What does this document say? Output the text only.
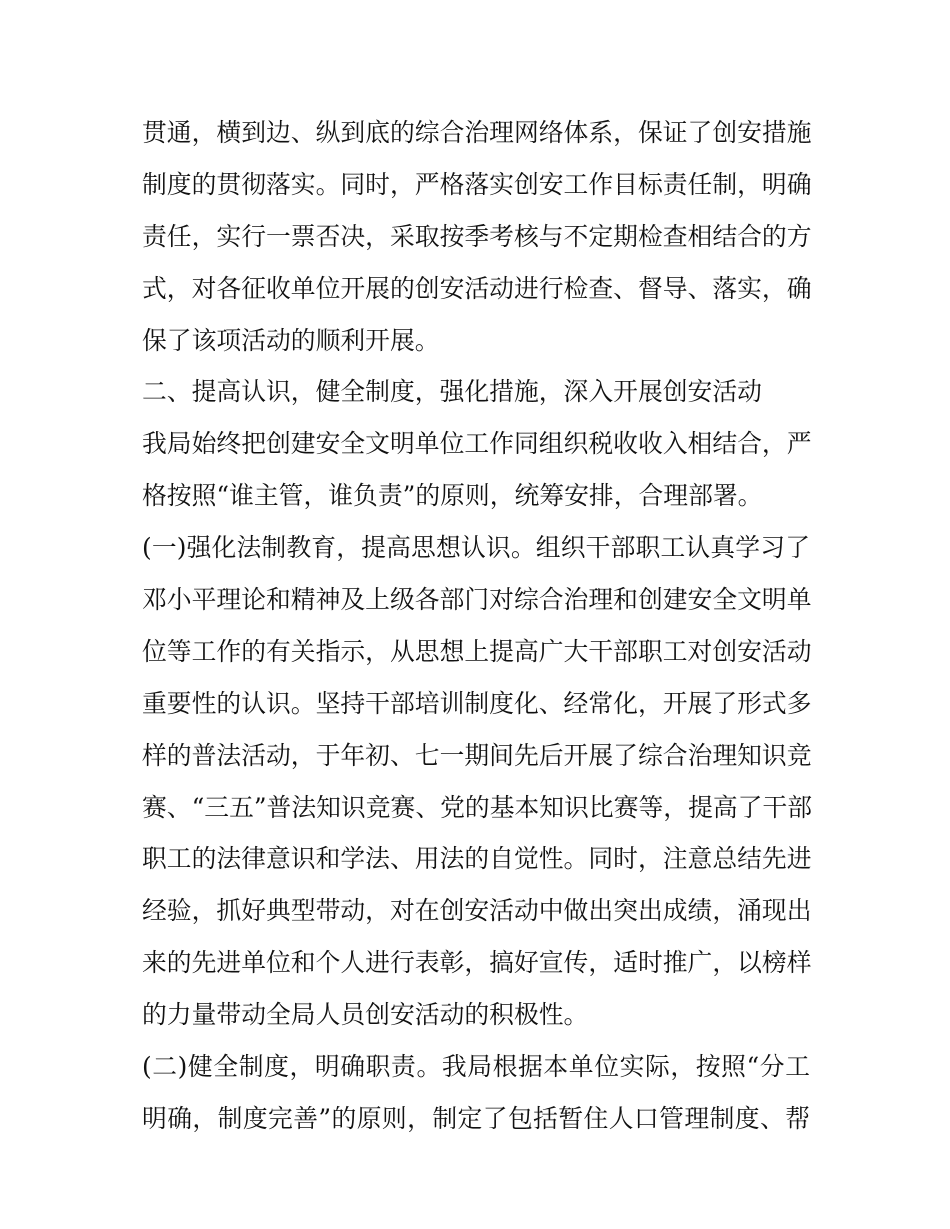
贯通，横到边、纵到底的综合治理网络体系，保证了创安措施
制度的贯彻落实。同时，严格落实创安工作目标责任制，明确
责任，实行一票否决，采取按季考核与不定期检查相结合的方
式，对各征收单位开展的创安活动进行检查、督导、落实，确
保了该项活动的顺利开展。
二、提高认识，健全制度，强化措施，深入开展创安活动
我局始终把创建安全文明单位工作同组织税收收入相结合，严
格按照“谁主管，谁负责”的原则，统筹安排，合理部署。
(一)强化法制教育，提高思想认识。组织干部职工认真学习了
邓小平理论和精神及上级各部门对综合治理和创建安全文明单
位等工作的有关指示，从思想上提高广大干部职工对创安活动
重要性的认识。坚持干部培训制度化、经常化，开展了形式多
样的普法活动，于年初、七一期间先后开展了综合治理知识竞
赛、“三五”普法知识竞赛、党的基本知识比赛等，提高了干部
职工的法律意识和学法、用法的自觉性。同时，注意总结先进
经验，抓好典型带动，对在创安活动中做出突出成绩，涌现出
来的先进单位和个人进行表彰，搞好宣传，适时推广，以榜样
的力量带动全局人员创安活动的积极性。
(二)健全制度，明确职责。我局根据本单位实际，按照“分工
明确，制度完善”的原则，制定了包括暂住人口管理制度、帮
